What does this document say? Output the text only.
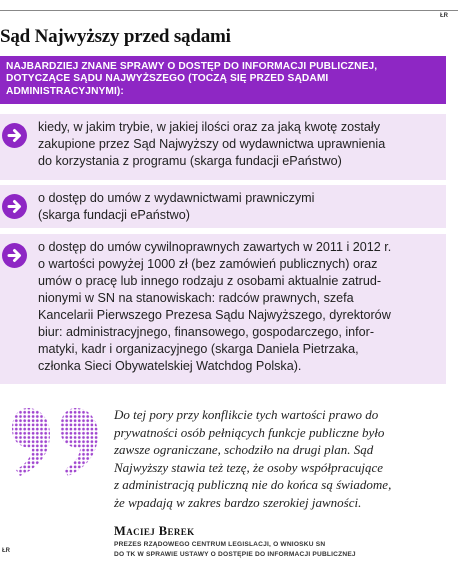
ŁR
Sąd Najwyższy przed sądami
NAJBARDZIEJ ZNANE SPRAWY O DOSTĘP DO INFORMACJI PUBLICZNEJ, DOTYCZĄCE SĄDU NAJWYŻSZEGO (TOCZĄ SIĘ PRZED SĄDAMI ADMINISTRACYJNYMI):
kiedy, w jakim trybie, w jakiej ilości oraz za jaką kwotę zostały
zakupione przez Sąd Najwyższy od wydawnictwa uprawnienia
do korzystania z programu (skarga fundacji ePaństwo)
o dostęp do umów z wydawnictwami prawniczymi
(skarga fundacji ePaństwo)
o dostęp do umów cywilnoprawnych zawartych w 2011 i 2012 r.
o wartości powyżej 1000 zł (bez zamówień publicznych) oraz
umów o pracę lub innego rodzaju z osobami aktualnie zatrud-
nionymi w SN na stanowiskach: radców prawnych, szefa
Kancelarii Pierwszego Prezesa Sądu Najwyższego, dyrektorów
biur: administracyjnego, finansowego, gospodarczego, infor-
matyki, kadr i organizacyjnego (skarga Daniela Pietrzaka,
członka Sieci Obywatelskiej Watchdog Polska).
Do tej pory przy konflikcie tych wartości prawo do
prywatności osób pełniących funkcje publiczne było
zawsze ograniczane, schodziło na drugi plan. Sąd
Najwyższy stawia też tezę, że osoby współpracujące
z administracją publiczną nie do końca są świadome,
że wpadają w zakres bardzo szerokiej jawności.
Maciej Berek
PREZES RZĄDOWEGO CENTRUM LEGISLACJI, O WNIOSKU SN
DO TK W SPRAWIE USTAWY O DOSTĘPIE DO INFORMACJI PUBLICZNEJ
ŁR
